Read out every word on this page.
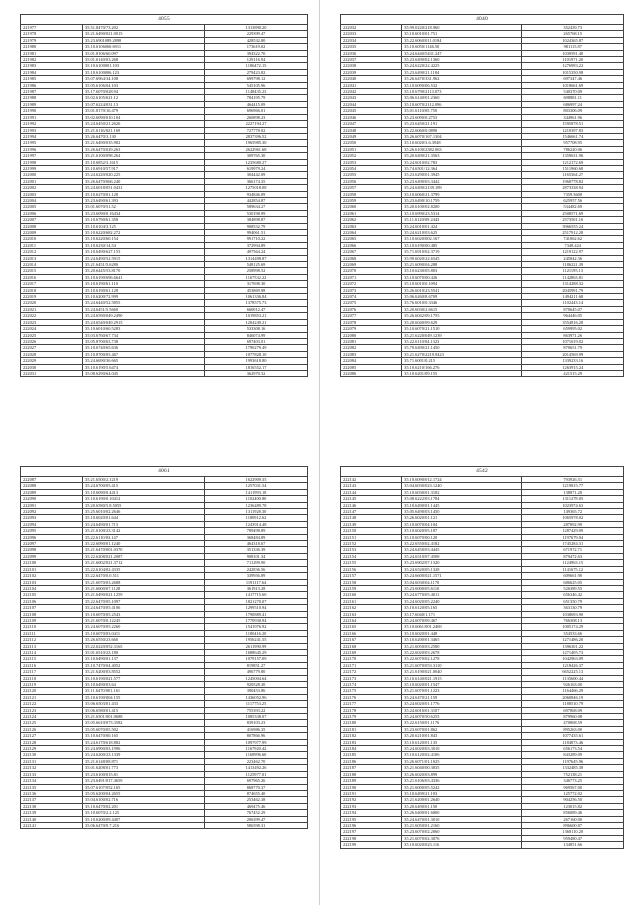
4055
221977	35.51.8470/73.202	1313890.20
221978	35.21.6490/021.0015	229399.47
221979	35.23.6901089.2898	428532.80
221980	35.10.6106060.6911	173619.02
221981	35.01.8106/60.097	394322.70
221982	35.01.6140/03.268	129116.94
221983	35.10.6100001.103	1186472.15
221984	35.10.6100006.123	279423.82
221985	35.07.6964/34.108	699798.12
221986	35.05.6106/04.103	545105.96
221987	35.17.6070/028.94	1148435.23
221988	35.02.6105/621.12	784195.79
221989	35.07.6224/031.13	464415.09
221990	35.01.8170/16.479	696966.01
221991	35.02.6090/010.104	260898.23
221992	35.24.6450/21.2626	2227194.27
221993	35.21.6116/021.169	727778.02
221994	35.26.6470/3.130	2837396.52
221995	35.21.6490/035.982	1965985.30
221996	35.26.6470/029.263	2622961.68
221997	35.21.6100/098.264	309765.30
221998	35.10.6852/3.1615	1235680.27
221999	35.10.6910/57.917	619979.24
222000	35.24.6220/020.225	304442.09
222001	35.26.6470/066.240	366174.35
222002	35.24.6018/051.0431	1275018.08
222003	35.10.6270/01.128	934846.09
222004	35.23.6490/61.393	442854.87
222005	35.01.6070/51.52	589634.27
222006	35.23.6090/0.16434	530198.99
222007	35.10.6790/61.358	384898.87
222008	35.10.6104/3.125	908532.79
222009	35.10.6220/682.272	994061.51
222010	35.10.6220/60.154	991710.22
222011	35.10.6230/14.54	372994.89
222012	35.10.6490/627.153	497564.24
222013	35.24.6490/52.5915	1314498.87
222014	35.21.6451/5.6280	548125.69
222015	35.20.6445/53.8170	258998.52
222016	35.10.6190/696.6641	1167532.22
222017	35.10.6190/61.110	317698.30
222018	35.10.6190/61.128	453869.98
222019	35.10.6200/72.999	1061336.84
222020	35.24.6440/52.5855	1378575.73
222021	35.24.6451/5.5660	660012.47
222022	35.24.6590/049.2490	1019853.21
222023	35.24.6540/049.2915	1204249.21
222024	35.10.6010/60.5283	533308.16
222025	35.03.6760/67.734	846074.99
222026	35.05.8700/63.738	697403.01
222027	35.10.6740/65.636	1790279.49
222028	35.10.8700/05.467	1077828.10
222029	35.24.6690/36.665	1993618.80
222030	35.10.6190/5.6474	1816552.17
222031	35.08.6290/64.045	362970.32
4040
222032	35.99.0220/218.960	352439.73
222033	35.10.6010/01.751	265768.15
222034	35.22.6060/011.0184	1024365.87
222035	35.10.6050/1146.50	981115.87
222036	35.24.6440/5431.247	1039591.40
222037	35.23.6490/02.1360	1101971.20
222038	35.24.6220/22.4225	1276993.22
222039	35.23.6490/21.1184	1015350.98
222040	35.26.6470/331.962	697347.46
222041	35.10.6090/06.532	1018661.69
222042	35.10.6790/2113.073	540370.09
222043	35.06.6140/01.2360	698881.11
222044	35.10.6070/2112.096	686997.24
222045	35.01.6110/05.750	803306.09
222046	35.23.6090/0.2753	344961.96
222047	35.23.6450/21.191	1595878.51
222048	35.22.6060/0.0890	1210397.83
222049	35.26.6070/167.1304	1546661.74
222050	35.10.6020/3.6.3948	957708.95
222051	35.26.6100/2382.063	786220.06
222052	35.20.6490/21.3563	1359631.96
222053	35.24.6010/02.783	1212172.69
222054	35.74.6501/12.364	1511960.68
222055	35.23.6290/01.3945	1165364.27
222056	35.23.6490/03.3442	1968778.82
222057	35.24.6490/2139.189	2873338.94
222058	35.10.6060/21.3799	7359.3600
222059	35.23.6490/10.1759	625957.56
222060	35.20.6100/02.8200	534482.69
222061	35.10.6990/23.5314	2508571.69
222062	35.11.6120/09.2443	2573501.16
222063	35.24.6010/01.424	3966555.24
222064	35.24.6210/03.625	2517912.28
222065	35.10.6020/002.167	741062.62
222066	35.10.6190/00.485	7348.424
222067	35.71.6910/02.3719	1219122.97
222068	35.99.6020/22.6545	245842.36
222069	35.21.6090/04.288	1186221.39
222070	35.10.6230/05.803	1121195.13
222071	35.10.6070/00.426	1142863.81
222072	35.10.6010/0.1094	1314288.32
222073	35.26.6010/23.5541	2045991.79
222074	35.06.6260/8.6709	1494211.68
222075	35.76.6010/0.3346	1102443.14
222076	35.20.6030/2.6615	870645.07
222077	35.26.6042/09.1755	964446.05
222078	35.20.6040/09.629	3554816.28
222079	35.10.6070/21.1510	659995.02
222080	35.21.6220/049.1239	863971.26
222081	35.22.6110/04.1323	1071619.02
222082	35.70.6490/21.1450	870651.79
222083	35.21.6270/2219.9423	2014569.99
222084	35.71.6001/0.215	1339233.16
222085	35.10.6210/166.276	1263915.24
222086	35.10.6201/09.155	421515.29
4061
222087	35.21.6500/2.1219	1622909.35
222088	35.24.6700/05.415	1257031.54
222089	35.10.6090/0.4413	1411993.18
222090	35.10.6190/0.10412	1102400.80
222091	35.20.6580/5.8.5055	1236489.78
222092	35.25.6010/02.2646	1311928.30
222093	35.10.6020/01.644	1180912.62
222094	35.24.6490/01.713	1243914.48
222095	35.21.6100/23.3142	789498.89
222096	35.22.6110/03.147	368484.89
222097	35.22.6090/01.1240	464318.67
222098	35.21.6470/001.0370	351336.39
222099	35.22.6208/021.2087	908101.34
222100	35.21.6002/021.3712	711299.90
222101	35.22.6104/02.4335	242836.56
222102	35.22.6470/0.0.511	339956.89
222103	35.21.6070/03.2688	1191117.64
222104	35.21.6600/07.1128	361913.28
222105	35.21.6490/021.1259	1417715.60
222106	35.22.6470/05.1097	1821270.07
222107	35.24.6470/05.4106	1299510.94
222108	35.10.6070/05.2543	1790889.41
222109	35.21.6070/0.12245	1770930.94
222110	35.24.6070/05.2260	1541976.92
222111	35.10.6070/03.0411	1180416.20
222112	35.26.6550/23.660	1956241.55
222113	35.22.6220/052.3165	2611990.99
222114	35.01.6510/23.180	1688645.29
222115	35.10.6490/01.137	1079157.09
222116	35.10.7470/04.4052	819851.27
222117	35.21.6200/03.8552	496779.80
222118	35.10.6190/021.577	1245004.64
222119	35.10.6490/03.64	920528.30
222120	35.11.6470/001.161	390453.86
222121	35.10.6190/004.155	1436052.96
222122	35.06.6503/01.433	1117753.25
222123	35.06.6580/01.415	755393.22
222124	35.21.6501/001.0688	1085338.07
222125	35.05.6610/073.3582	839103.23
222126	35.05.6070/05.502	416986.35
222127	35.10.6470/00.165	807866.96
222128	35.24.6170/618.882	1097977.99
222129	35.24.6990/03.1996	1167920.42
222130	35.24.6200/23.1339	1168996.60
222131	35.21.6148/08.871	223462.70
222132	35.01.6208/01.773	1413492.26
222133	35.23.6100/015.81	1125977.01
222134	35.23.6491/017.4659	697965.26
222135	35.07.6107/052.165	868770.37
222136	35.05.6200/04.2655	874655.40
222137	35.04.6100/02.716	253462.38
222138	35.10.6470/02.201	469475.46
222139	35.10.6070/2.2.125	767452.29
222140	35.10.6200/09.4407	206399.47
222141	35.06.6470/9.7.216	586598.31
4542
222142	35.10.6090/012.1724	793926.51
222143	35.04.6030/023.1240	1219815.77
222144	35.10.6030/01.3182	138871.20
222145	35.08.6222/03.1784	1311278.05
222146	35.10.6490/01.1445	1023974.63
222147	35.05.6490/03.1450	149365.72
222148	35.26.6020/01.121	1065978.02
222149	35.10.6070/04.104	287892.99
222150	35.10.6020/05.187	1287429.09
222151	35.10.6070/00.120	1197679.04
222152	35.22.6550/02.4182	1745284.31
222153	35.24.6450/03.4445	671972.71
222154	35.24.6510/07.4508	879472.63
222155	35.23.6902/07.1320	1124963.15
222156	35.24.6520/05.1328	1141675.12
222157	35.24.6600/021.1571	609661.90
222158	35.04.6030/04.1170	686625.05
222159	35.23.6000/05.6110	526389.55
222160	35.24.6770/05.4011	656346.42
222161	35.24.6020/05.2240	651350.79
222162	35.10.6120/05.165	363130.79
222163	35.17.6040/1.171	1038693.90
222164	35.24.6070/09.467	766308.13
222165	35.10.6061/001.2469	1005174.29
222166	35.10.6020/01.448	354533.66
222167	35.10.6200/01.3465	1271486.20
222168	35.21.6050/03.2580	1396301.22
222169	35.22.6020/03.2678	1271405.73
222170	35.22.6070/02.1278	1042963.09
222171	35.21.6070/053.3110	1218426.37
222172	35.21.6190/021.0040	6652225.13
222173	35.10.6140/021.1915	1135600.44
222174	35.10.6020/01.1547	926163.00
222175	35.21.6070/01.1223	1164466.29
222176	35.24.6470/21.159	2060846.19
222177	35.24.6020/01.1776	1188510.79
222178	35.24.6010/01.3107	697868.09
222179	35.24.6070/50.6255	879960.08
222180	35.22.6150/01.1176	470868.59
222181	35.23.6070/01.862	895263.00
222182	35.20.6210/01.843	1077435.61
222183	35.10.6120/01.135	1184873.46
222184	35.24.6020/03.3010	656173.54
222185	35.10.6120/02.4106	843289.09
222186	35.26.6071/01.1025	1197645.96
222187	35.21.6040/00.3835	1332485.38
222188	35.26.6020/03.899	752138.21
222189	35.21.6106/03.4336	346773.25
222190	35.21.6000/05.5242	969567.00
222191	35.10.6490/21.103	125772.02
222192	35.21.6200/01.2640	904256.50
222193	35.20.6490/01.150	123015.82
222194	35.26.6400/01.6800	856089.46
222195	35.24.6470/01.3010	267160.00
222196	35.21.6050/01.2160	896600.87
222197	35.23.6070/02.2060	1368110.20
222198	35.21.6070/02.3076	959480.47
222199	35.10.6020/023.116	134851.66
